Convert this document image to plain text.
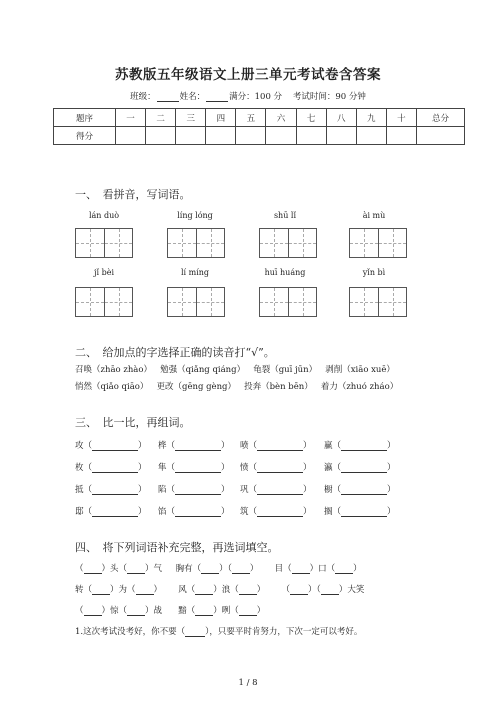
苏教版五年级语文上册三单元考试卷含答案
班级：	姓名：	满分：100 分 考试时间：90 分钟
题序	一	二	三	四	五	六	七	八	九	十	总分
得分											
一、　看拼音，写词语。
lán duò	líng lóng	shū lǐ	ài mù
jǐ bèi	lí míng	huī huáng	yǐn bì
二、　给加点的字选择正确的读音打“√”。
召唤（zhāo zhào） 勉强（qiǎng qiáng） 龟裂（guī jūn） 剥削（xiāo xuē）
悄然（qiǎo qiāo） 更改（gēng gèng） 投奔（bèn bēn） 着力（zhuó zháo）
三、　比一比，再组词。
攻（	） 桦（	） 喷（	） 赢（	）
枚（	） 隼（	） 愤（	） 瀛（	）
抵（	） 陷（	） 巩（	） 橱（	）
邸（	） 馅（	） 筑（	） 搁（	）
四、　将下列词语补充完整，再选词填空。
（ ）头（ ）气 胸有（ ）（ ） 目（ ）口（ ）
转（ ）为（ ） 风（ ）浪（ ） （ ）（ ）大笑
（ ）惊（ ）战 黯（ ）咧（ ）
1.这次考试没考好，你不要（ ），只要平时肯努力，下次一定可以考好。
1 / 8
